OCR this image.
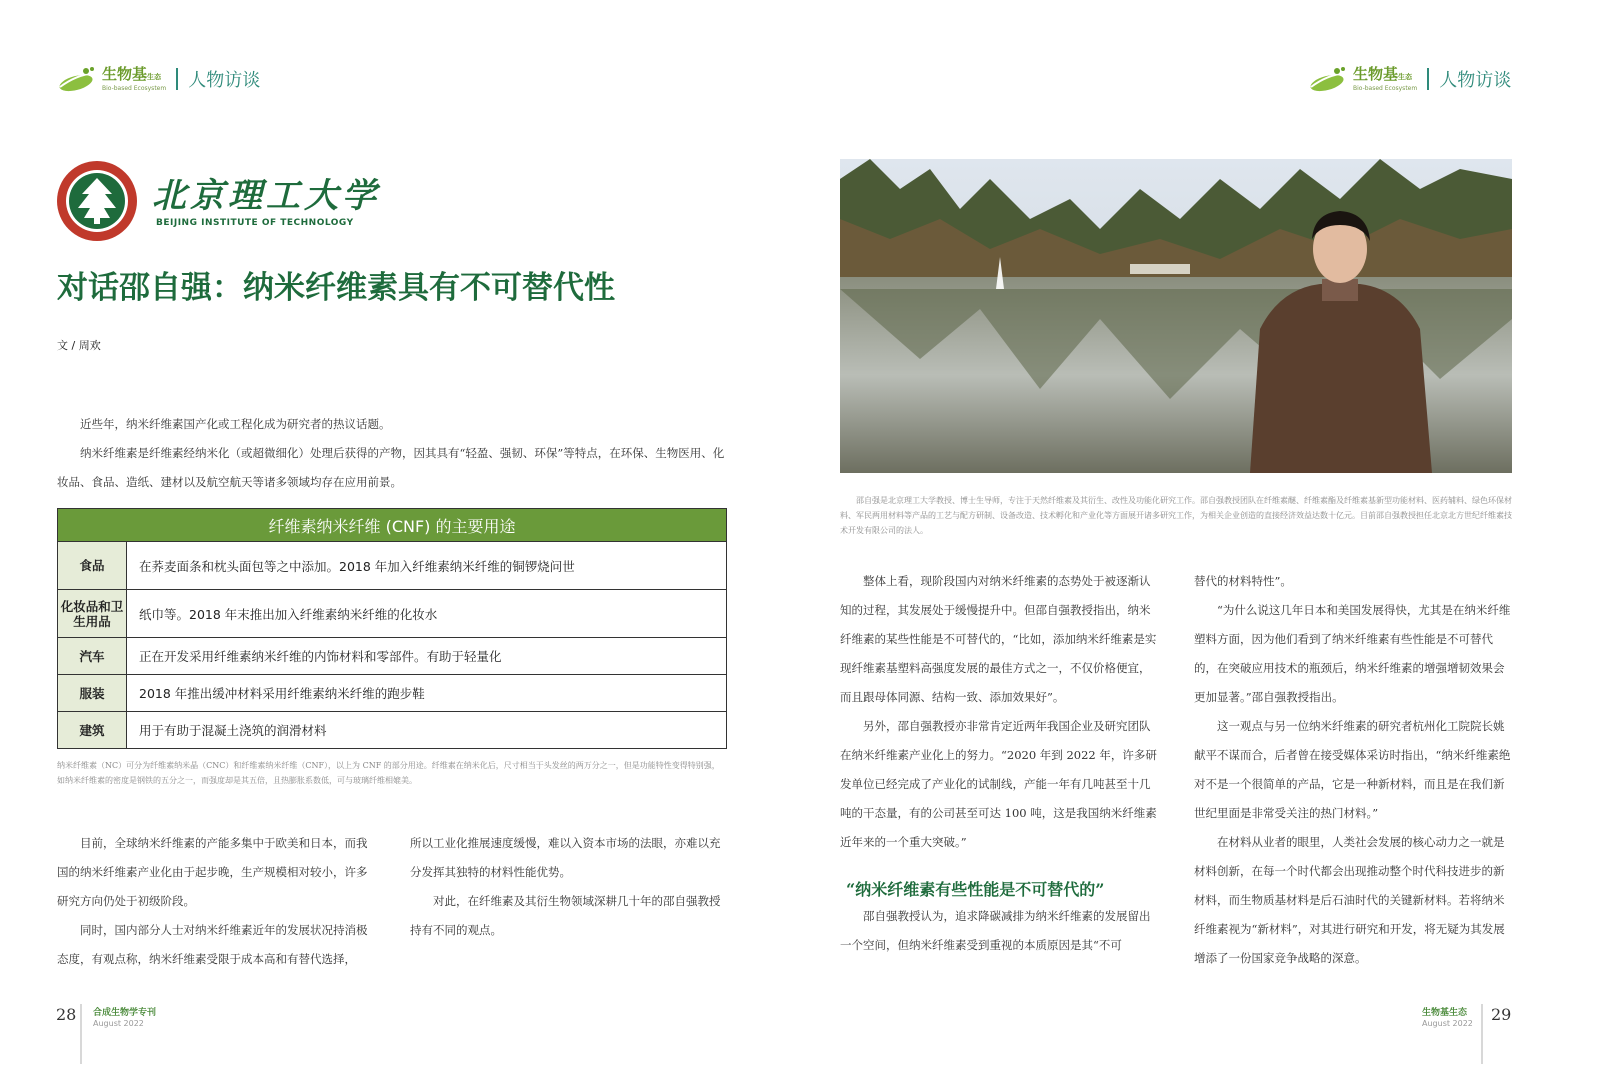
生物基生态
Bio-based Ecosystem 人物访谈	生物基生态
Bio-based Ecosystem 人物访谈
北京理工大学
BEIJING INSTITUTE OF TECHNOLOGY
对话邵自强：纳米纤维素具有不可替代性
文 / 周欢

近些年，纳米纤维素国产化或工程化成为研究者的热议话题。

纳米纤维素是纤维素经纳米化（或超微细化）处理后获得的产物，因其具有“轻盈、强韧、环保”等特点，在环保、生物医用、化妆品、食品、造纸、建材以及航空航天等诸多领域均存在应用前景。

纤维素纳米纤维 (CNF) 的主要用途	
食品	在荞麦面条和枕头面包等之中添加。2018 年加入纤维素纳米纤维的铜锣烧问世
化妆品和卫生用品	纸巾等。2018 年末推出加入纤维素纳米纤维的化妆水
汽车	正在开发采用纤维素纳米纤维的内饰材料和零部件。有助于轻量化
服装	2018 年推出缓冲材料采用纤维素纳米纤维的跑步鞋
建筑	用于有助于混凝土浇筑的润滑材料
纳米纤维素（NC）可分为纤维素纳米晶（CNC）和纤维素纳米纤维（CNF），以上为 CNF 的部分用途。纤维素在纳米化后，尺寸相当于头发丝的两万分之一，但是功能特性变得特别强，如纳米纤维素的密度是钢铁的五分之一，而强度却是其五倍，且热膨胀系数低，可与玻璃纤维相媲美。

目前，全球纳米纤维素的产能多集中于欧美和日本，而我国的纳米纤维素产业化由于起步晚，生产规模相对较小，许多研究方向仍处于初级阶段。

同时，国内部分人士对纳米纤维素近年的发展状况持消极态度，有观点称，纳米纤维素受限于成本高和有替代选择，

所以工业化推展速度缓慢，难以入资本市场的法眼，亦难以充分发挥其独特的材料性能优势。

对此，在纤维素及其衍生物领域深耕几十年的邵自强教授持有不同的观点。

28 合成生物学专刊
August 2022
邵自强是北京理工大学教授、博士生导师，专注于天然纤维素及其衍生、改性及功能化研究工作。邵自强教授团队在纤维素醚、纤维素酯及纤维素基新型功能材料、医药辅料、绿色环保材料、军民两用材料等产品的工艺与配方研制、设备改造、技术孵化和产业化等方面展开诸多研究工作，为相关企业创造的直接经济效益达数十亿元。目前邵自强教授担任北京北方世纪纤维素技术开发有限公司的法人。

整体上看，现阶段国内对纳米纤维素的态势处于被逐渐认知的过程，其发展处于缓慢提升中。但邵自强教授指出，纳米纤维素的某些性能是不可替代的，“比如，添加纳米纤维素是实现纤维素基塑料高强度发展的最佳方式之一，不仅价格便宜，而且跟母体同源、结构一致、添加效果好”。

另外，邵自强教授亦非常肯定近两年我国企业及研究团队在纳米纤维素产业化上的努力。“2020 年到 2022 年，许多研发单位已经完成了产业化的试制线，产能一年有几吨甚至十几吨的干态量，有的公司甚至可达 100 吨，这是我国纳米纤维素近年来的一个重大突破。”

“纳米纤维素有些性能是不可替代的”

邵自强教授认为，追求降碳减排为纳米纤维素的发展留出一个空间，但纳米纤维素受到重视的本质原因是其“不可

替代的材料特性”。

“为什么说这几年日本和美国发展得快，尤其是在纳米纤维塑料方面，因为他们看到了纳米纤维素有些性能是不可替代的，在突破应用技术的瓶颈后，纳米纤维素的增强增韧效果会更加显著。”邵自强教授指出。

这一观点与另一位纳米纤维素的研究者杭州化工院院长姚献平不谋而合，后者曾在接受媒体采访时指出，“纳米纤维素绝对不是一个很简单的产品，它是一种新材料，而且是在我们新世纪里面是非常受关注的热门材料。”

在材料从业者的眼里，人类社会发展的核心动力之一就是材料创新，在每一个时代都会出现推动整个时代科技进步的新材料，而生物质基材料是后石油时代的关键新材料。若将纳米纤维素视为“新材料”，对其进行研究和开发，将无疑为其发展增添了一份国家竞争战略的深意。

生物基生态
August 2022 29
